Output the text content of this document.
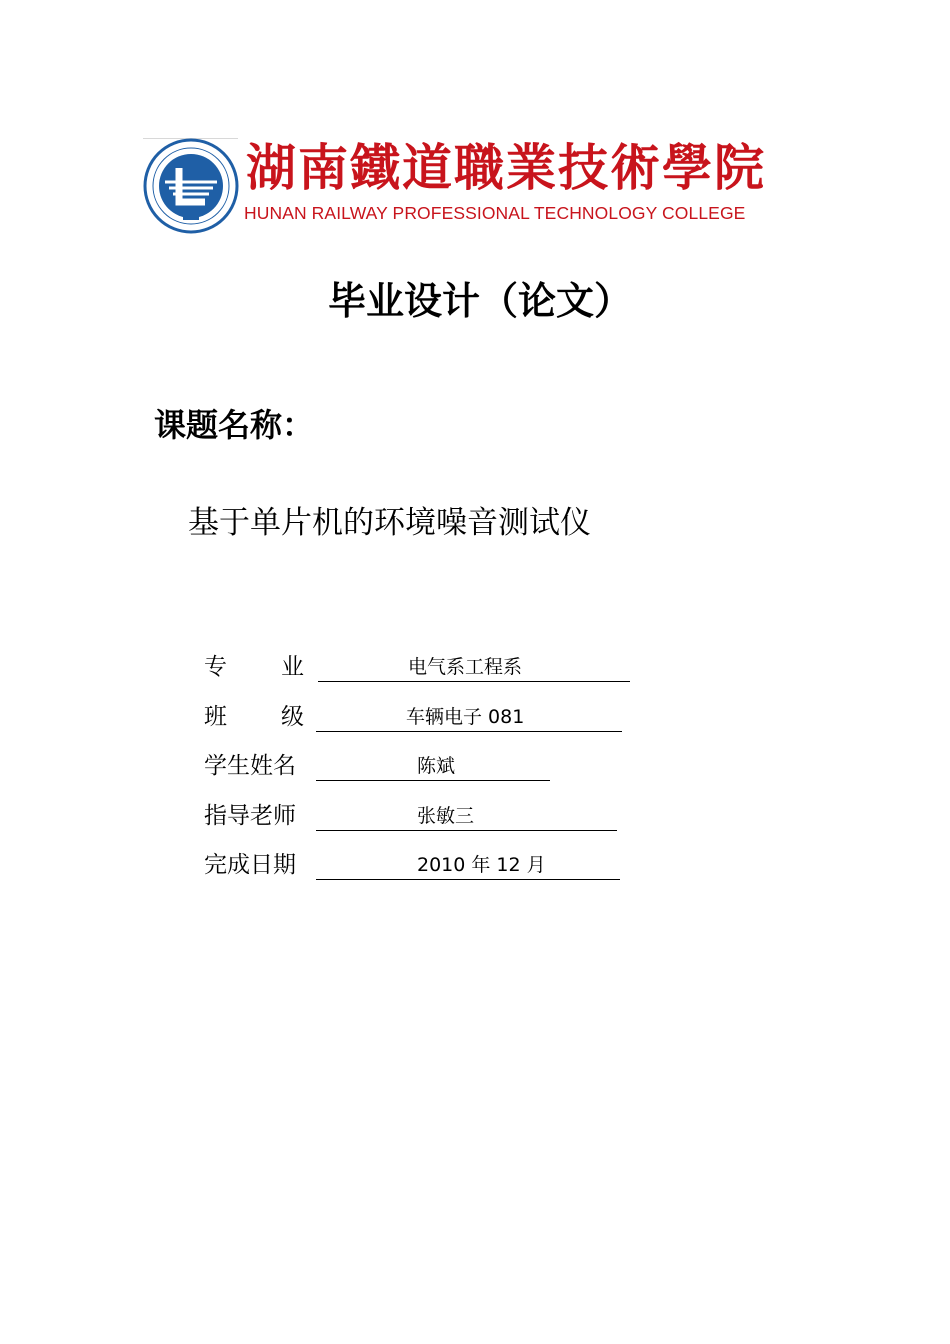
湖南鐵道職業技術學院
HUNAN RAILWAY PROFESSIONAL TECHNOLOGY COLLEGE
毕业设计（论文）
课题名称：
基于单片机的环境噪音测试仪
专 业	电气系工程系
班 级	车辆电子 081
学生姓名	陈斌
指导老师	张敏三
完成日期	2010 年 12 月
